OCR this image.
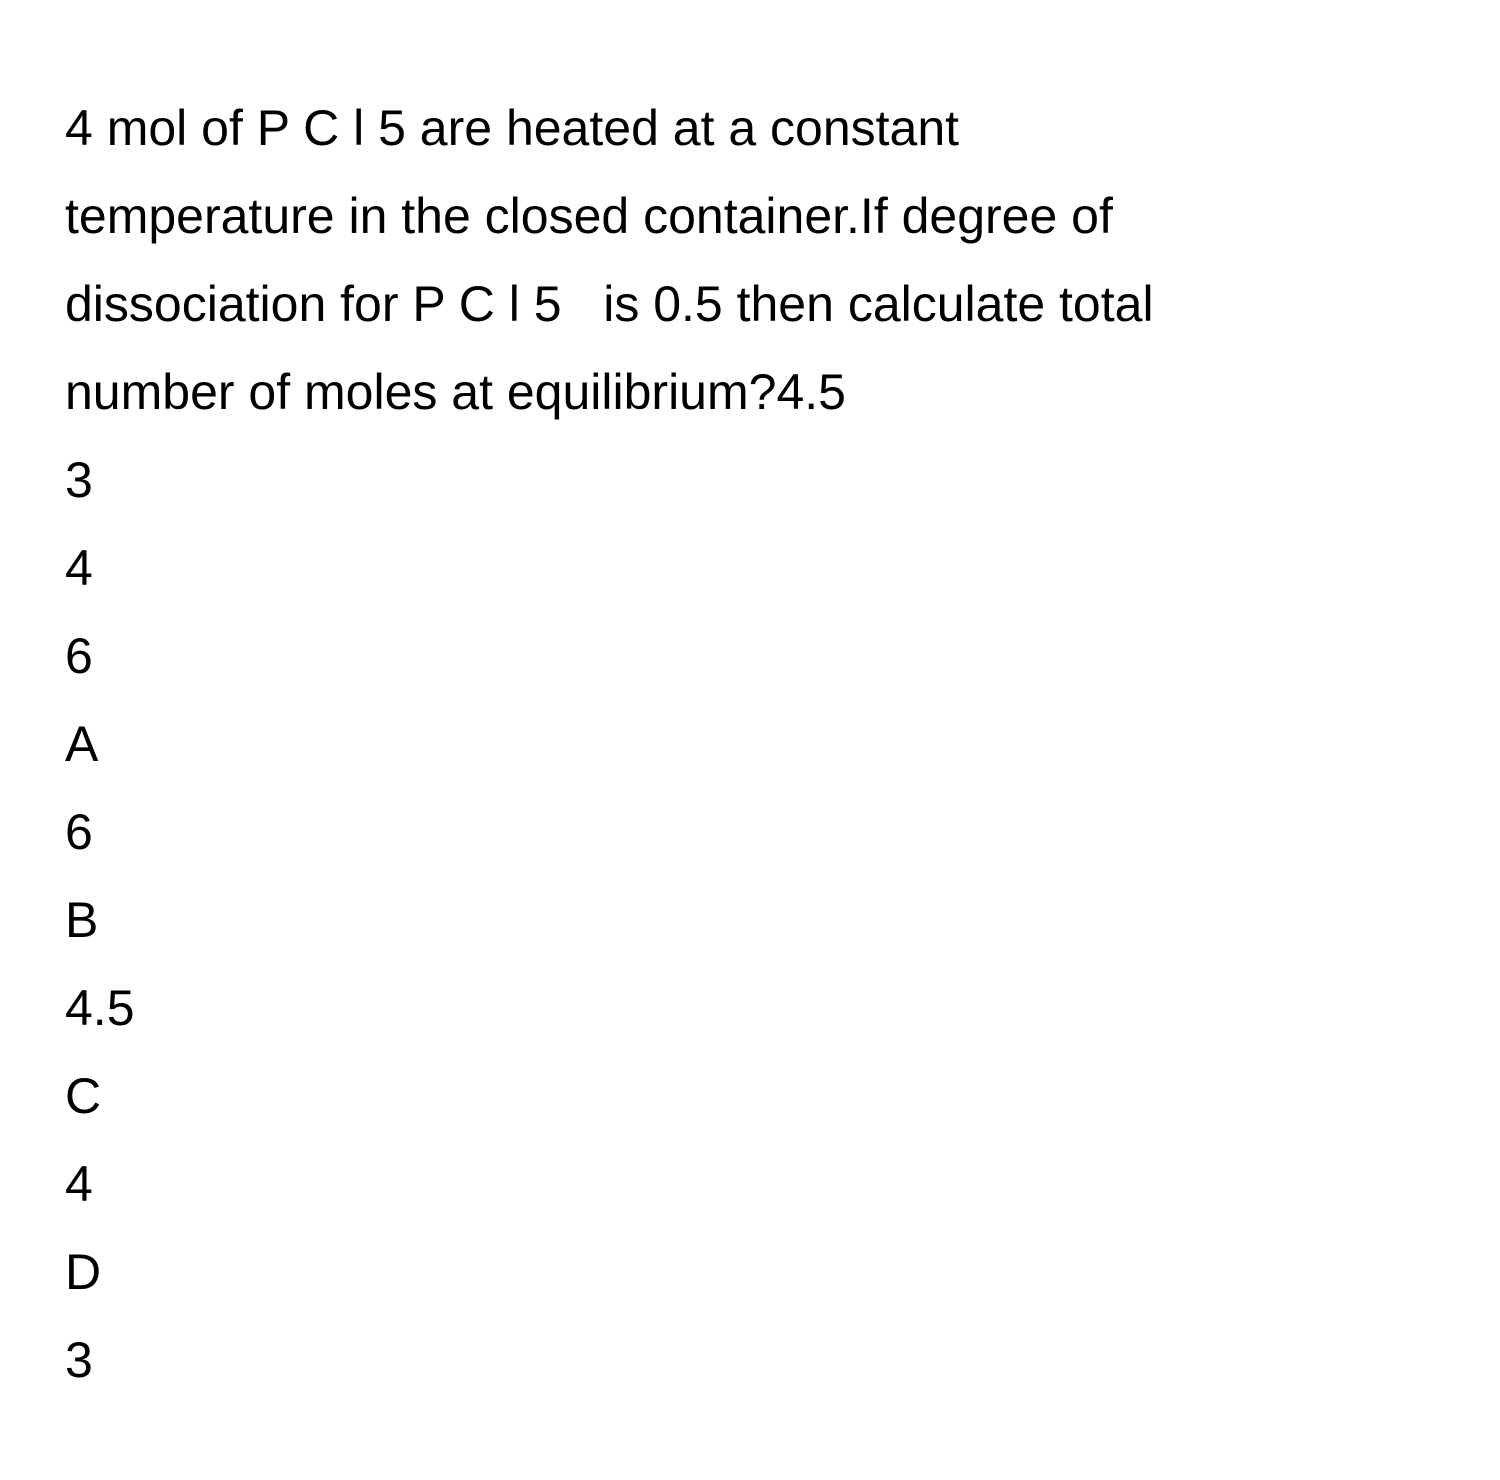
4 mol of P C l 5 are heated at a constant
temperature in the closed container.If degree of
dissociation for P C l 5   is 0.5 then calculate total
number of moles at equilibrium?4.5
3
4
6
A
6
B
4.5
C
4
D
3
